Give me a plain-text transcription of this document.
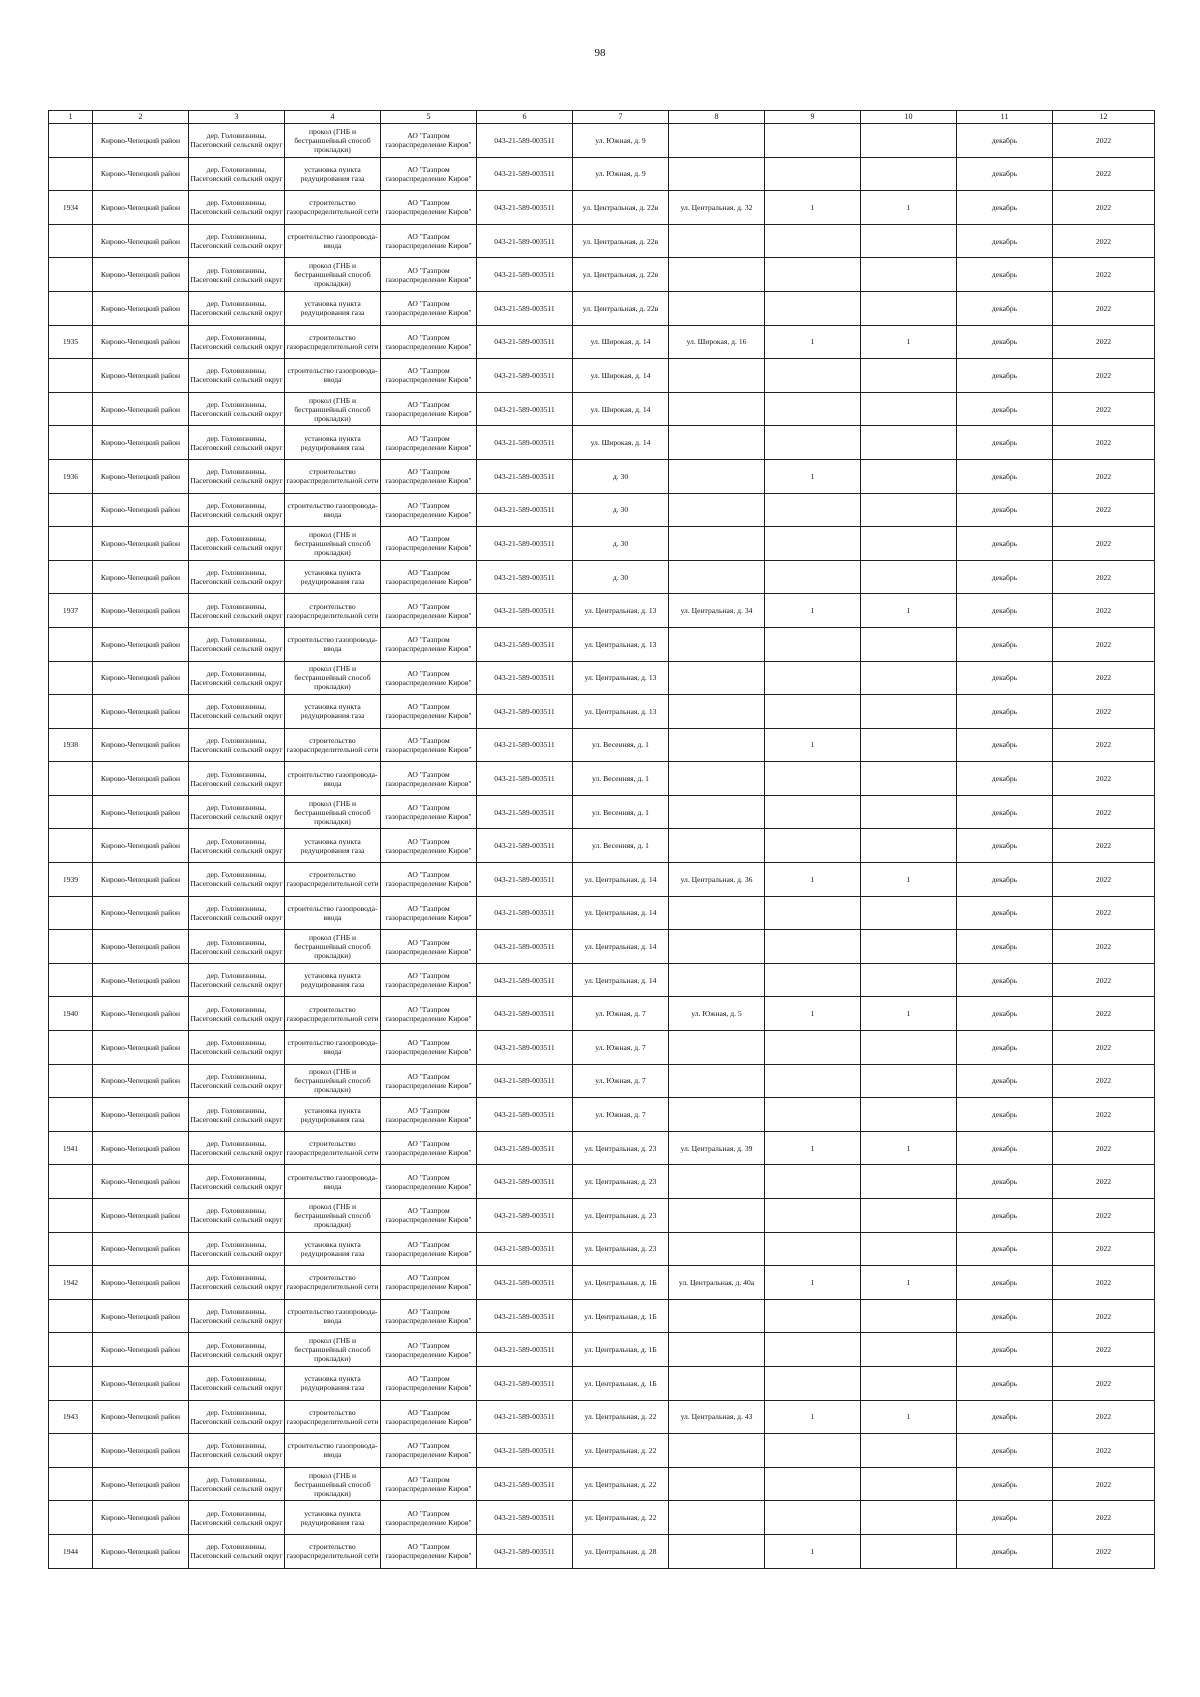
98
1	2	3	4	5	6	7	8	9	10	11	12

	Кирово-Чепецкий район	дер. Головизнины, Пасеговский сельский округ	прокол (ГНБ и бестраншейный способ прокладки)	АО "Газпром газораспределение Киров"	043-21-589-003511	ул. Южная, д. 9				декабрь	2022

	Кирово-Чепецкий район	дер. Головизнины, Пасеговский сельский округ	установка пункта редуцирования газа	АО "Газпром газораспределение Киров"	043-21-589-003511	ул. Южная, д. 9				декабрь	2022

1934	Кирово-Чепецкий район	дер. Головизнины, Пасеговский сельский округ	строительство газораспределительной сети	АО "Газпром газораспределение Киров"	043-21-589-003511	ул. Центральная, д. 22в	ул. Центральная, д. 32	1	1	декабрь	2022

	Кирово-Чепецкий район	дер. Головизнины, Пасеговский сельский округ	строительство газопровода-ввода	АО "Газпром газораспределение Киров"	043-21-589-003511	ул. Центральная, д. 22в				декабрь	2022

	Кирово-Чепецкий район	дер. Головизнины, Пасеговский сельский округ	прокол (ГНБ и бестраншейный способ прокладки)	АО "Газпром газораспределение Киров"	043-21-589-003511	ул. Центральная, д. 22в				декабрь	2022

	Кирово-Чепецкий район	дер. Головизнины, Пасеговский сельский округ	установка пункта редуцирования газа	АО "Газпром газораспределение Киров"	043-21-589-003511	ул. Центральная, д. 22в				декабрь	2022

1935	Кирово-Чепецкий район	дер. Головизнины, Пасеговский сельский округ	строительство газораспределительной сети	АО "Газпром газораспределение Киров"	043-21-589-003511	ул. Широкая, д. 14	ул. Широкая, д. 16	1	1	декабрь	2022

	Кирово-Чепецкий район	дер. Головизнины, Пасеговский сельский округ	строительство газопровода-ввода	АО "Газпром газораспределение Киров"	043-21-589-003511	ул. Широкая, д. 14				декабрь	2022

	Кирово-Чепецкий район	дер. Головизнины, Пасеговский сельский округ	прокол (ГНБ и бестраншейный способ прокладки)	АО "Газпром газораспределение Киров"	043-21-589-003511	ул. Широкая, д. 14				декабрь	2022

	Кирово-Чепецкий район	дер. Головизнины, Пасеговский сельский округ	установка пункта редуцирования газа	АО "Газпром газораспределение Киров"	043-21-589-003511	ул. Широкая, д. 14				декабрь	2022

1936	Кирово-Чепецкий район	дер. Головизнины, Пасеговский сельский округ	строительство газораспределительной сети	АО "Газпром газораспределение Киров"	043-21-589-003511	д. 30		1		декабрь	2022

	Кирово-Чепецкий район	дер. Головизнины, Пасеговский сельский округ	строительство газопровода-ввода	АО "Газпром газораспределение Киров"	043-21-589-003511	д. 30				декабрь	2022

	Кирово-Чепецкий район	дер. Головизнины, Пасеговский сельский округ	прокол (ГНБ и бестраншейный способ прокладки)	АО "Газпром газораспределение Киров"	043-21-589-003511	д. 30				декабрь	2022

	Кирово-Чепецкий район	дер. Головизнины, Пасеговский сельский округ	установка пункта редуцирования газа	АО "Газпром газораспределение Киров"	043-21-589-003511	д. 30				декабрь	2022

1937	Кирово-Чепецкий район	дер. Головизнины, Пасеговский сельский округ	строительство газораспределительной сети	АО "Газпром газораспределение Киров"	043-21-589-003511	ул. Центральная, д. 13	ул. Центральная, д. 34	1	1	декабрь	2022

	Кирово-Чепецкий район	дер. Головизнины, Пасеговский сельский округ	строительство газопровода-ввода	АО "Газпром газораспределение Киров"	043-21-589-003511	ул. Центральная, д. 13				декабрь	2022

	Кирово-Чепецкий район	дер. Головизнины, Пасеговский сельский округ	прокол (ГНБ и бестраншейный способ прокладки)	АО "Газпром газораспределение Киров"	043-21-589-003511	ул. Центральная, д. 13				декабрь	2022

	Кирово-Чепецкий район	дер. Головизнины, Пасеговский сельский округ	установка пункта редуцирования газа	АО "Газпром газораспределение Киров"	043-21-589-003511	ул. Центральная, д. 13				декабрь	2022

1938	Кирово-Чепецкий район	дер. Головизнины, Пасеговский сельский округ	строительство газораспределительной сети	АО "Газпром газораспределение Киров"	043-21-589-003511	ул. Весенняя, д. 1		1		декабрь	2022

	Кирово-Чепецкий район	дер. Головизнины, Пасеговский сельский округ	строительство газопровода-ввода	АО "Газпром газораспределение Киров"	043-21-589-003511	ул. Весенняя, д. 1				декабрь	2022

	Кирово-Чепецкий район	дер. Головизнины, Пасеговский сельский округ	прокол (ГНБ и бестраншейный способ прокладки)	АО "Газпром газораспределение Киров"	043-21-589-003511	ул. Весенняя, д. 1				декабрь	2022

	Кирово-Чепецкий район	дер. Головизнины, Пасеговский сельский округ	установка пункта редуцирования газа	АО "Газпром газораспределение Киров"	043-21-589-003511	ул. Весенняя, д. 1				декабрь	2022

1939	Кирово-Чепецкий район	дер. Головизнины, Пасеговский сельский округ	строительство газораспределительной сети	АО "Газпром газораспределение Киров"	043-21-589-003511	ул. Центральная, д. 14	ул. Центральная, д. 36	1	1	декабрь	2022

	Кирово-Чепецкий район	дер. Головизнины, Пасеговский сельский округ	строительство газопровода-ввода	АО "Газпром газораспределение Киров"	043-21-589-003511	ул. Центральная, д. 14				декабрь	2022

	Кирово-Чепецкий район	дер. Головизнины, Пасеговский сельский округ	прокол (ГНБ и бестраншейный способ прокладки)	АО "Газпром газораспределение Киров"	043-21-589-003511	ул. Центральная, д. 14				декабрь	2022

	Кирово-Чепецкий район	дер. Головизнины, Пасеговский сельский округ	установка пункта редуцирования газа	АО "Газпром газораспределение Киров"	043-21-589-003511	ул. Центральная, д. 14				декабрь	2022

1940	Кирово-Чепецкий район	дер. Головизнины, Пасеговский сельский округ	строительство газораспределительной сети	АО "Газпром газораспределение Киров"	043-21-589-003511	ул. Южная, д. 7	ул. Южная, д. 5	1	1	декабрь	2022

	Кирово-Чепецкий район	дер. Головизнины, Пасеговский сельский округ	строительство газопровода-ввода	АО "Газпром газораспределение Киров"	043-21-589-003511	ул. Южная, д. 7				декабрь	2022

	Кирово-Чепецкий район	дер. Головизнины, Пасеговский сельский округ	прокол (ГНБ и бестраншейный способ прокладки)	АО "Газпром газораспределение Киров"	043-21-589-003511	ул. Южная, д. 7				декабрь	2022

	Кирово-Чепецкий район	дер. Головизнины, Пасеговский сельский округ	установка пункта редуцирования газа	АО "Газпром газораспределение Киров"	043-21-589-003511	ул. Южная, д. 7				декабрь	2022

1941	Кирово-Чепецкий район	дер. Головизнины, Пасеговский сельский округ	строительство газораспределительной сети	АО "Газпром газораспределение Киров"	043-21-589-003511	ул. Центральная, д. 23	ул. Центральная, д. 39	1	1	декабрь	2022

	Кирово-Чепецкий район	дер. Головизнины, Пасеговский сельский округ	строительство газопровода-ввода	АО "Газпром газораспределение Киров"	043-21-589-003511	ул. Центральная, д. 23				декабрь	2022

	Кирово-Чепецкий район	дер. Головизнины, Пасеговский сельский округ	прокол (ГНБ и бестраншейный способ прокладки)	АО "Газпром газораспределение Киров"	043-21-589-003511	ул. Центральная, д. 23				декабрь	2022

	Кирово-Чепецкий район	дер. Головизнины, Пасеговский сельский округ	установка пункта редуцирования газа	АО "Газпром газораспределение Киров"	043-21-589-003511	ул. Центральная, д. 23				декабрь	2022

1942	Кирово-Чепецкий район	дер. Головизнины, Пасеговский сельский округ	строительство газораспределительной сети	АО "Газпром газораспределение Киров"	043-21-589-003511	ул. Центральная, д. 1Б	ул. Центральная, д. 40а	1	1	декабрь	2022

	Кирово-Чепецкий район	дер. Головизнины, Пасеговский сельский округ	строительство газопровода-ввода	АО "Газпром газораспределение Киров"	043-21-589-003511	ул. Центральная, д. 1Б				декабрь	2022

	Кирово-Чепецкий район	дер. Головизнины, Пасеговский сельский округ	прокол (ГНБ и бестраншейный способ прокладки)	АО "Газпром газораспределение Киров"	043-21-589-003511	ул. Центральная, д. 1Б				декабрь	2022

	Кирово-Чепецкий район	дер. Головизнины, Пасеговский сельский округ	установка пункта редуцирования газа	АО "Газпром газораспределение Киров"	043-21-589-003511	ул. Центральная, д. 1Б				декабрь	2022

1943	Кирово-Чепецкий район	дер. Головизнины, Пасеговский сельский округ	строительство газораспределительной сети	АО "Газпром газораспределение Киров"	043-21-589-003511	ул. Центральная, д. 22	ул. Центральная, д. 43	1	1	декабрь	2022

	Кирово-Чепецкий район	дер. Головизнины, Пасеговский сельский округ	строительство газопровода-ввода	АО "Газпром газораспределение Киров"	043-21-589-003511	ул. Центральная, д. 22				декабрь	2022

	Кирово-Чепецкий район	дер. Головизнины, Пасеговский сельский округ	прокол (ГНБ и бестраншейный способ прокладки)	АО "Газпром газораспределение Киров"	043-21-589-003511	ул. Центральная, д. 22				декабрь	2022

	Кирово-Чепецкий район	дер. Головизнины, Пасеговский сельский округ	установка пункта редуцирования газа	АО "Газпром газораспределение Киров"	043-21-589-003511	ул. Центральная, д. 22				декабрь	2022

1944	Кирово-Чепецкий район	дер. Головизнины, Пасеговский сельский округ	строительство газораспределительной сети	АО "Газпром газораспределение Киров"	043-21-589-003511	ул. Центральная, д. 28		1		декабрь	2022
